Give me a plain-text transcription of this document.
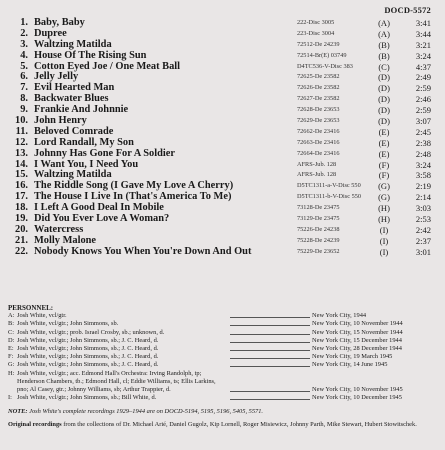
DOCD-5572
1. Baby, Baby	222-Disc 3005	(A)	3:41
2. Dupree	223-Disc 3004	(A)	3:44
3. Waltzing Matilda	72512-De 24239	(B)	3:21
4. House Of The Rising Sun	72514-Br(E) 03749	(B)	3:24
5. Cotton Eyed Joe / One Meat Ball	D4TC536-V-Disc 383	(C)	4:37
6. Jelly Jelly	72625-De 23582	(D)	2:49
7. Evil Hearted Man	72626-De 23582	(D)	2:59
8. Backwater Blues	72627-De 23582	(D)	2:46
9. Frankie And Johnnie	72628-De 23653	(D)	2:59
10. John Henry	72629-De 23653	(D)	3:07
11. Beloved Comrade	72662-De 23416	(E)	2:45
12. Lord Randall, My Son	72663-De 23416	(E)	2:38
13. Johnny Has Gone For A Soldier	72664-De 23416	(E)	2:48
14. I Want You, I Need You	AFRS-Jub. 128	(F)	3:24
15. Waltzing Matilda	AFRS-Jub. 128	(F)	3:58
16. The Riddle Song (I Gave My Love A Cherry)	D5TC1311-a-V-Disc 550	(G)	2:19
17. The House I Live In (That's America To Me)	D5TC1311-b-V-Disc 550	(G)	2:14
18. I Left A Good Deal In Mobile	73128-De 23475	(H)	3:03
19. Did You Ever Love A Woman?	73129-De 23475	(H)	2:53
20. Watercress	75226-De 24238	(I)	2:42
21. Molly Malone	75228-De 24239	(I)	2:37
22. Nobody Knows You When You're Down And Out	75229-De 23652	(I)	3:01
PERSONNEL:
A: Josh White, vcl/gtr.	New York City, 1944
B: Josh White, vcl/gtr.; John Simmons, sb.	New York City, 10 November 1944
C: Josh White, vcl/gtr.; prob. Israel Crosby, sb.; unknown, d.	New York City, 15 November 1944
D: Josh White, vcl/gtr.; John Simmons, sb.; J. C. Heard, d.	New York City, 15 December 1944
E: Josh White, vcl/gtr.; John Simmons, sb.; J. C. Heard, d.	New York City, 28 December 1944
F: Josh White, vcl/gtr.; John Simmons, sb.; J. C. Heard, d.	New York City, 19 March 1945
G: Josh White, vcl/gtr.; John Simmons, sb.; J. C. Heard, d.	New York City, 14 June 1945
H: Josh White, vcl/gtr.; acc. Edmond Hall's Orchestra: Irving Randolph, tp;
Henderson Chambers, tb.; Edmond Hall, cl; Eddie Williams, ts; Ellis Larkins,
pno; Al Casey, gtr.; Johnny Williams, sb; Arthur Trappier, d.	New York City, 10 November 1945
I: Josh White, vcl/gtr.; John Simmons, sb.; Bill White, d.	New York City, 10 December 1945
NOTE: Josh White's complete recordings 1929–1944 are on DOCD-5194, 5195, 5196, 5405, 5571.
Original recordings from the collections of Dr. Michael Arié, Daniel Gugolz, Kip Lornell, Roger Misiewicz, Johnny Parth, Mike Stewart, Hubert Stowitschek.
